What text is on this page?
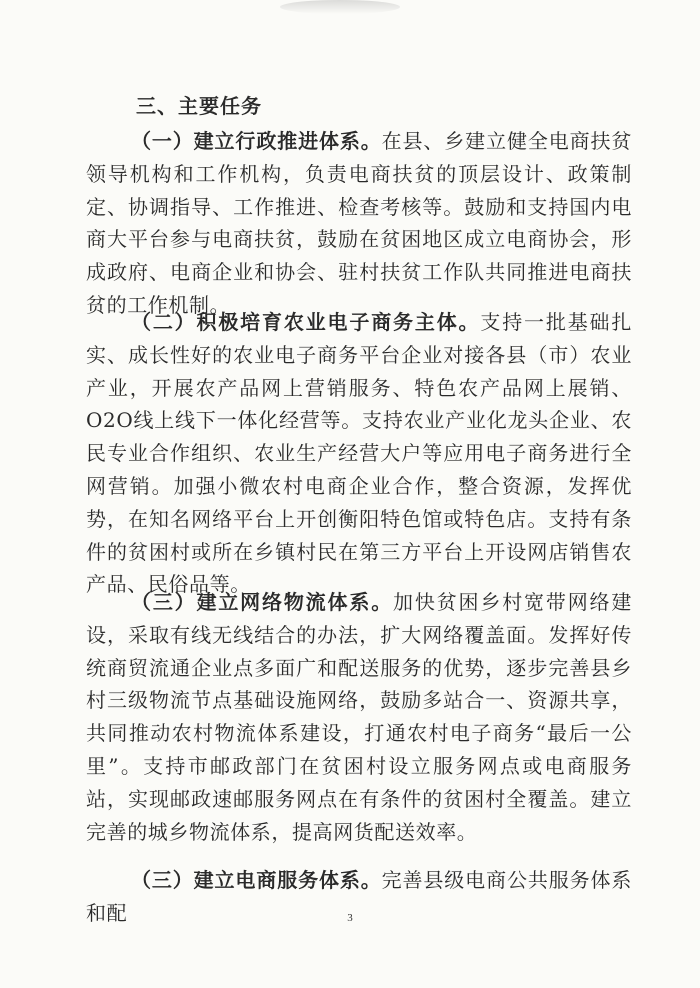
三、主要任务

（一）建立行政推进体系。在县、乡建立健全电商扶贫领导机构和工作机构，负责电商扶贫的顶层设计、政策制定、协调指导、工作推进、检查考核等。鼓励和支持国内电商大平台参与电商扶贫，鼓励在贫困地区成立电商协会，形成政府、电商企业和协会、驻村扶贫工作队共同推进电商扶贫的工作机制。

（二）积极培育农业电子商务主体。支持一批基础扎实、成长性好的农业电子商务平台企业对接各县（市）农业产业，开展农产品网上营销服务、特色农产品网上展销、O2O线上线下一体化经营等。支持农业产业化龙头企业、农民专业合作组织、农业生产经营大户等应用电子商务进行全网营销。加强小微农村电商企业合作，整合资源，发挥优势，在知名网络平台上开创衡阳特色馆或特色店。支持有条件的贫困村或所在乡镇村民在第三方平台上开设网店销售农产品、民俗品等。

（三）建立网络物流体系。加快贫困乡村宽带网络建设，采取有线无线结合的办法，扩大网络覆盖面。发挥好传统商贸流通企业点多面广和配送服务的优势，逐步完善县乡村三级物流节点基础设施网络，鼓励多站合一、资源共享，共同推动农村物流体系建设，打通农村电子商务“最后一公里”。支持市邮政部门在贫困村设立服务网点或电商服务站，实现邮政速邮服务网点在有条件的贫困村全覆盖。建立完善的城乡物流体系，提高网货配送效率。

（三）建立电商服务体系。完善县级电商公共服务体系和配	3
